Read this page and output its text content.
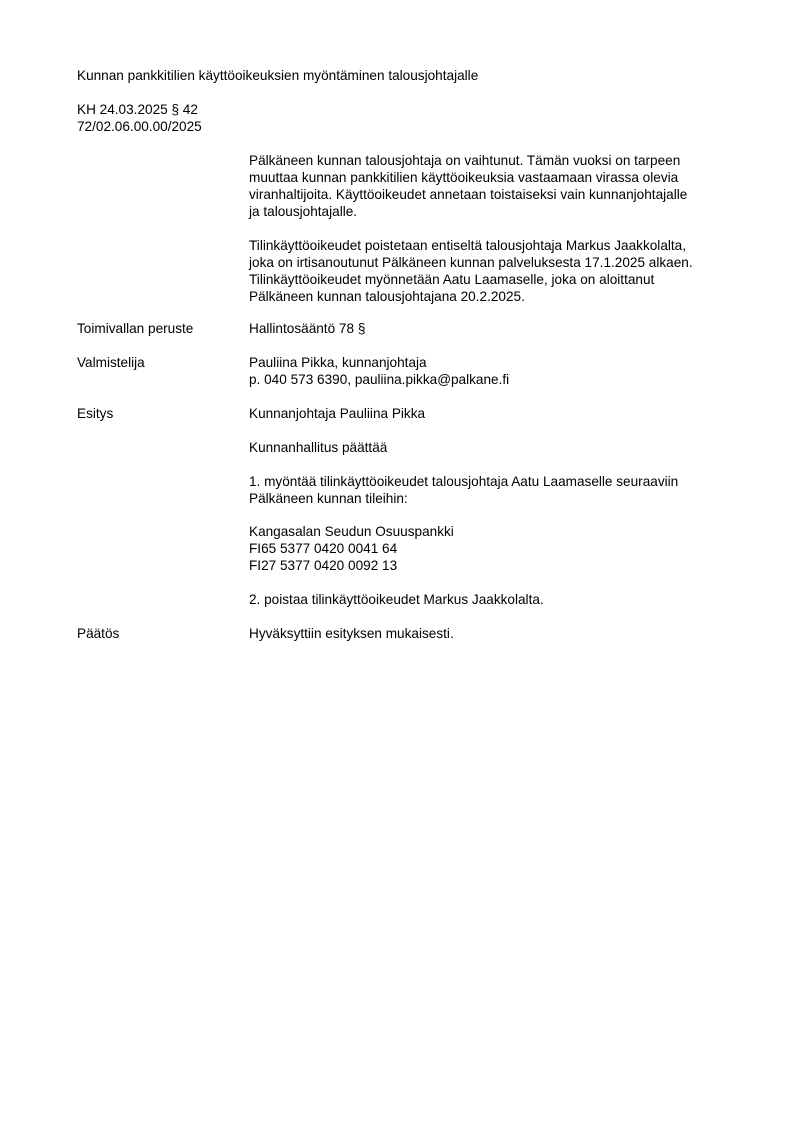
Kunnan pankkitilien käyttöoikeuksien myöntäminen talousjohtajalle
KH 24.03.2025 § 42
72/02.06.00.00/2025
Pälkäneen kunnan talousjohtaja on vaihtunut. Tämän vuoksi on tarpeen
muuttaa kunnan pankkitilien käyttöoikeuksia vastaamaan virassa olevia
viranhaltijoita. Käyttöoikeudet annetaan toistaiseksi vain kunnanjohtajalle
ja talousjohtajalle.
Tilinkäyttöoikeudet poistetaan entiseltä talousjohtaja Markus Jaakkolalta,
joka on irtisanoutunut Pälkäneen kunnan palveluksesta 17.1.2025 alkaen.
Tilinkäyttöoikeudet myönnetään Aatu Laamaselle, joka on aloittanut
Pälkäneen kunnan talousjohtajana 20.2.2025.
Toimivallan peruste	Hallintosääntö 78 §
Valmistelija	Pauliina Pikka, kunnanjohtaja
p. 040 573 6390, pauliina.pikka@palkane.fi
Esitys	Kunnanjohtaja Pauliina Pikka
Kunnanhallitus päättää
1. myöntää tilinkäyttöoikeudet talousjohtaja Aatu Laamaselle seuraaviin
Pälkäneen kunnan tileihin:
Kangasalan Seudun Osuuspankki
FI65 5377 0420 0041 64
FI27 5377 0420 0092 13
2. poistaa tilinkäyttöoikeudet Markus Jaakkolalta.
Päätös	Hyväksyttiin esityksen mukaisesti.
